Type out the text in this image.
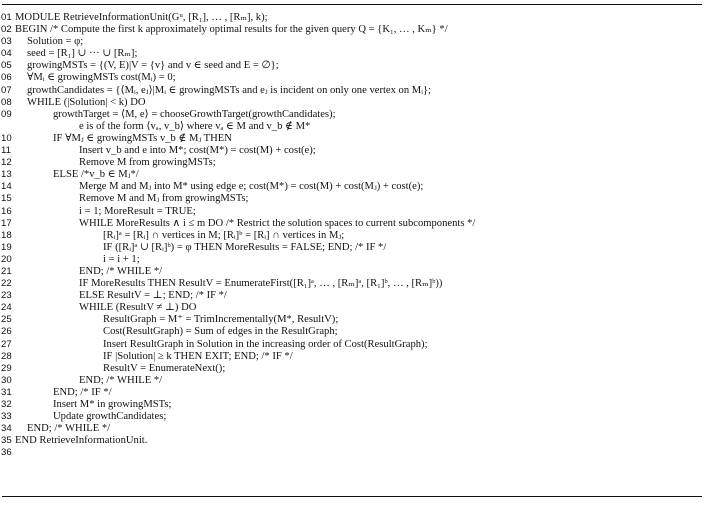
01 MODULE RetrieveInformationUnit(Gᵘ, [R₁], … , [Rₘ], k);
02 BEGIN /* Compute the first k approximately optimal results for the given query Q = {K₁, … , Kₘ} */
03 Solution = φ;
04 seed = [R₁] ∪ ··· ∪ [Rₘ];
05 growingMSTs = {(V, E)|V = {v} and v ∈ seed and E = ∅};
06 ∀Mᵢ ∈ growingMSTs cost(Mᵢ) = 0;
07 growthCandidates = {⟨Mᵢ, eⱼ⟩|Mᵢ ∈ growingMSTs and eⱼ is incident on only one vertex on Mᵢ};
08 WHILE (|Solution| < k) DO
09	growthTarget = ⟨M, e⟩ = chooseGrowthTarget(growthCandidates);
e is of the form ⟨vₐ, v_b⟩ where vₐ ∈ M and v_b ∉ M*
10	IF ∀Mⱼ ∈ growingMSTs v_b ∉ Mⱼ THEN
11	Insert v_b and e into M*; cost(M*) = cost(M) + cost(e);
12	Remove M from growingMSTs;
13	ELSE /*v_b ∈ Mⱼ*/
14	Merge M and Mⱼ into M* using edge e; cost(M*) = cost(M) + cost(Mⱼ) + cost(e);
15	Remove M and Mⱼ from growingMSTs;
16	i = 1; MoreResult = TRUE;
17	WHILE MoreResults ∧ i ≤ m DO /* Restrict the solution spaces to current subcomponents */
18	[Rᵢ]ᵃ = [Rᵢ] ∩ vertices in M; [Rᵢ]ᵇ = [Rᵢ] ∩ vertices in Mⱼ;
19	IF ([Rᵢ]ᵃ ∪ [Rᵢ]ᵇ) = φ THEN MoreResults = FALSE; END; /* IF */
20	i = i + 1;
21	END; /* WHILE */
22	IF MoreResults THEN ResultV = EnumerateFirst([R₁]ᵃ, … , [Rₘ]ᵃ, [R₁]ᵇ, … , [Rₘ]ᵇ))
23	ELSE ResultV = ⊥; END; /* IF */
24	WHILE (ResultV ≠ ⊥) DO
25	ResultGraph = M⁺ = TrimIncrementally(M*, ResultV);
26	Cost(ResultGraph) = Sum of edges in the ResultGraph;
27	Insert ResultGraph in Solution in the increasing order of Cost(ResultGraph);
28	IF |Solution| ≥ k THEN EXIT; END; /* IF */
29	ResultV = EnumerateNext();
30	END; /* WHILE */
31	END; /* IF */
32	Insert M* in growingMSTs;
33	Update growthCandidates;
34 END; /* WHILE */
35 END RetrieveInformationUnit.
36
